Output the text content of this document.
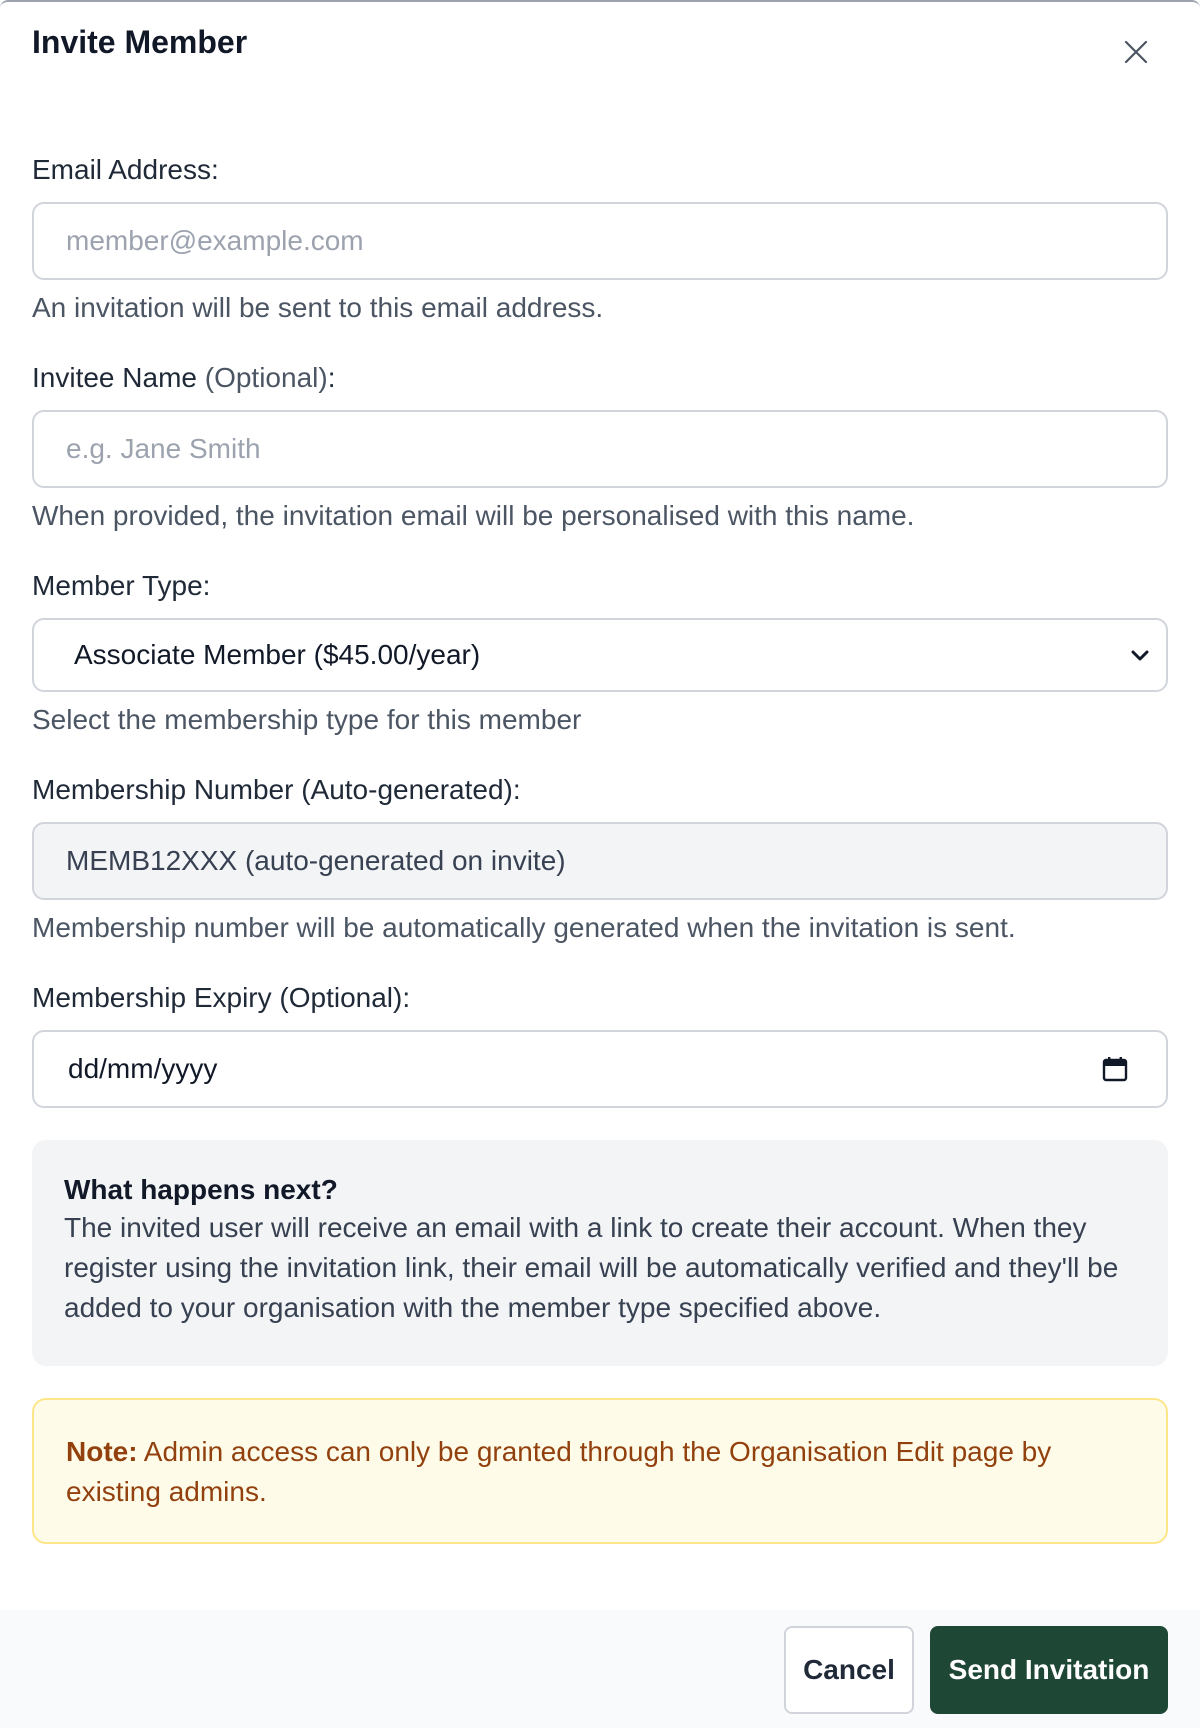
Invite Member
Email Address:
member@example.com
An invitation will be sent to this email address.
Invitee Name (Optional):
e.g. Jane Smith
When provided, the invitation email will be personalised with this name.
Member Type:
Associate Member ($45.00/year)
Select the membership type for this member
Membership Number (Auto-generated):
MEMB12XXX (auto-generated on invite)
Membership number will be automatically generated when the invitation is sent.
Membership Expiry (Optional):
dd/mm/yyyy
What happens next?
The invited user will receive an email with a link to create their account. When they register using the invitation link, their email will be automatically verified and they'll be added to your organisation with the member type specified above.
Note: Admin access can only be granted through the Organisation Edit page by existing admins.
Cancel	Send Invitation
